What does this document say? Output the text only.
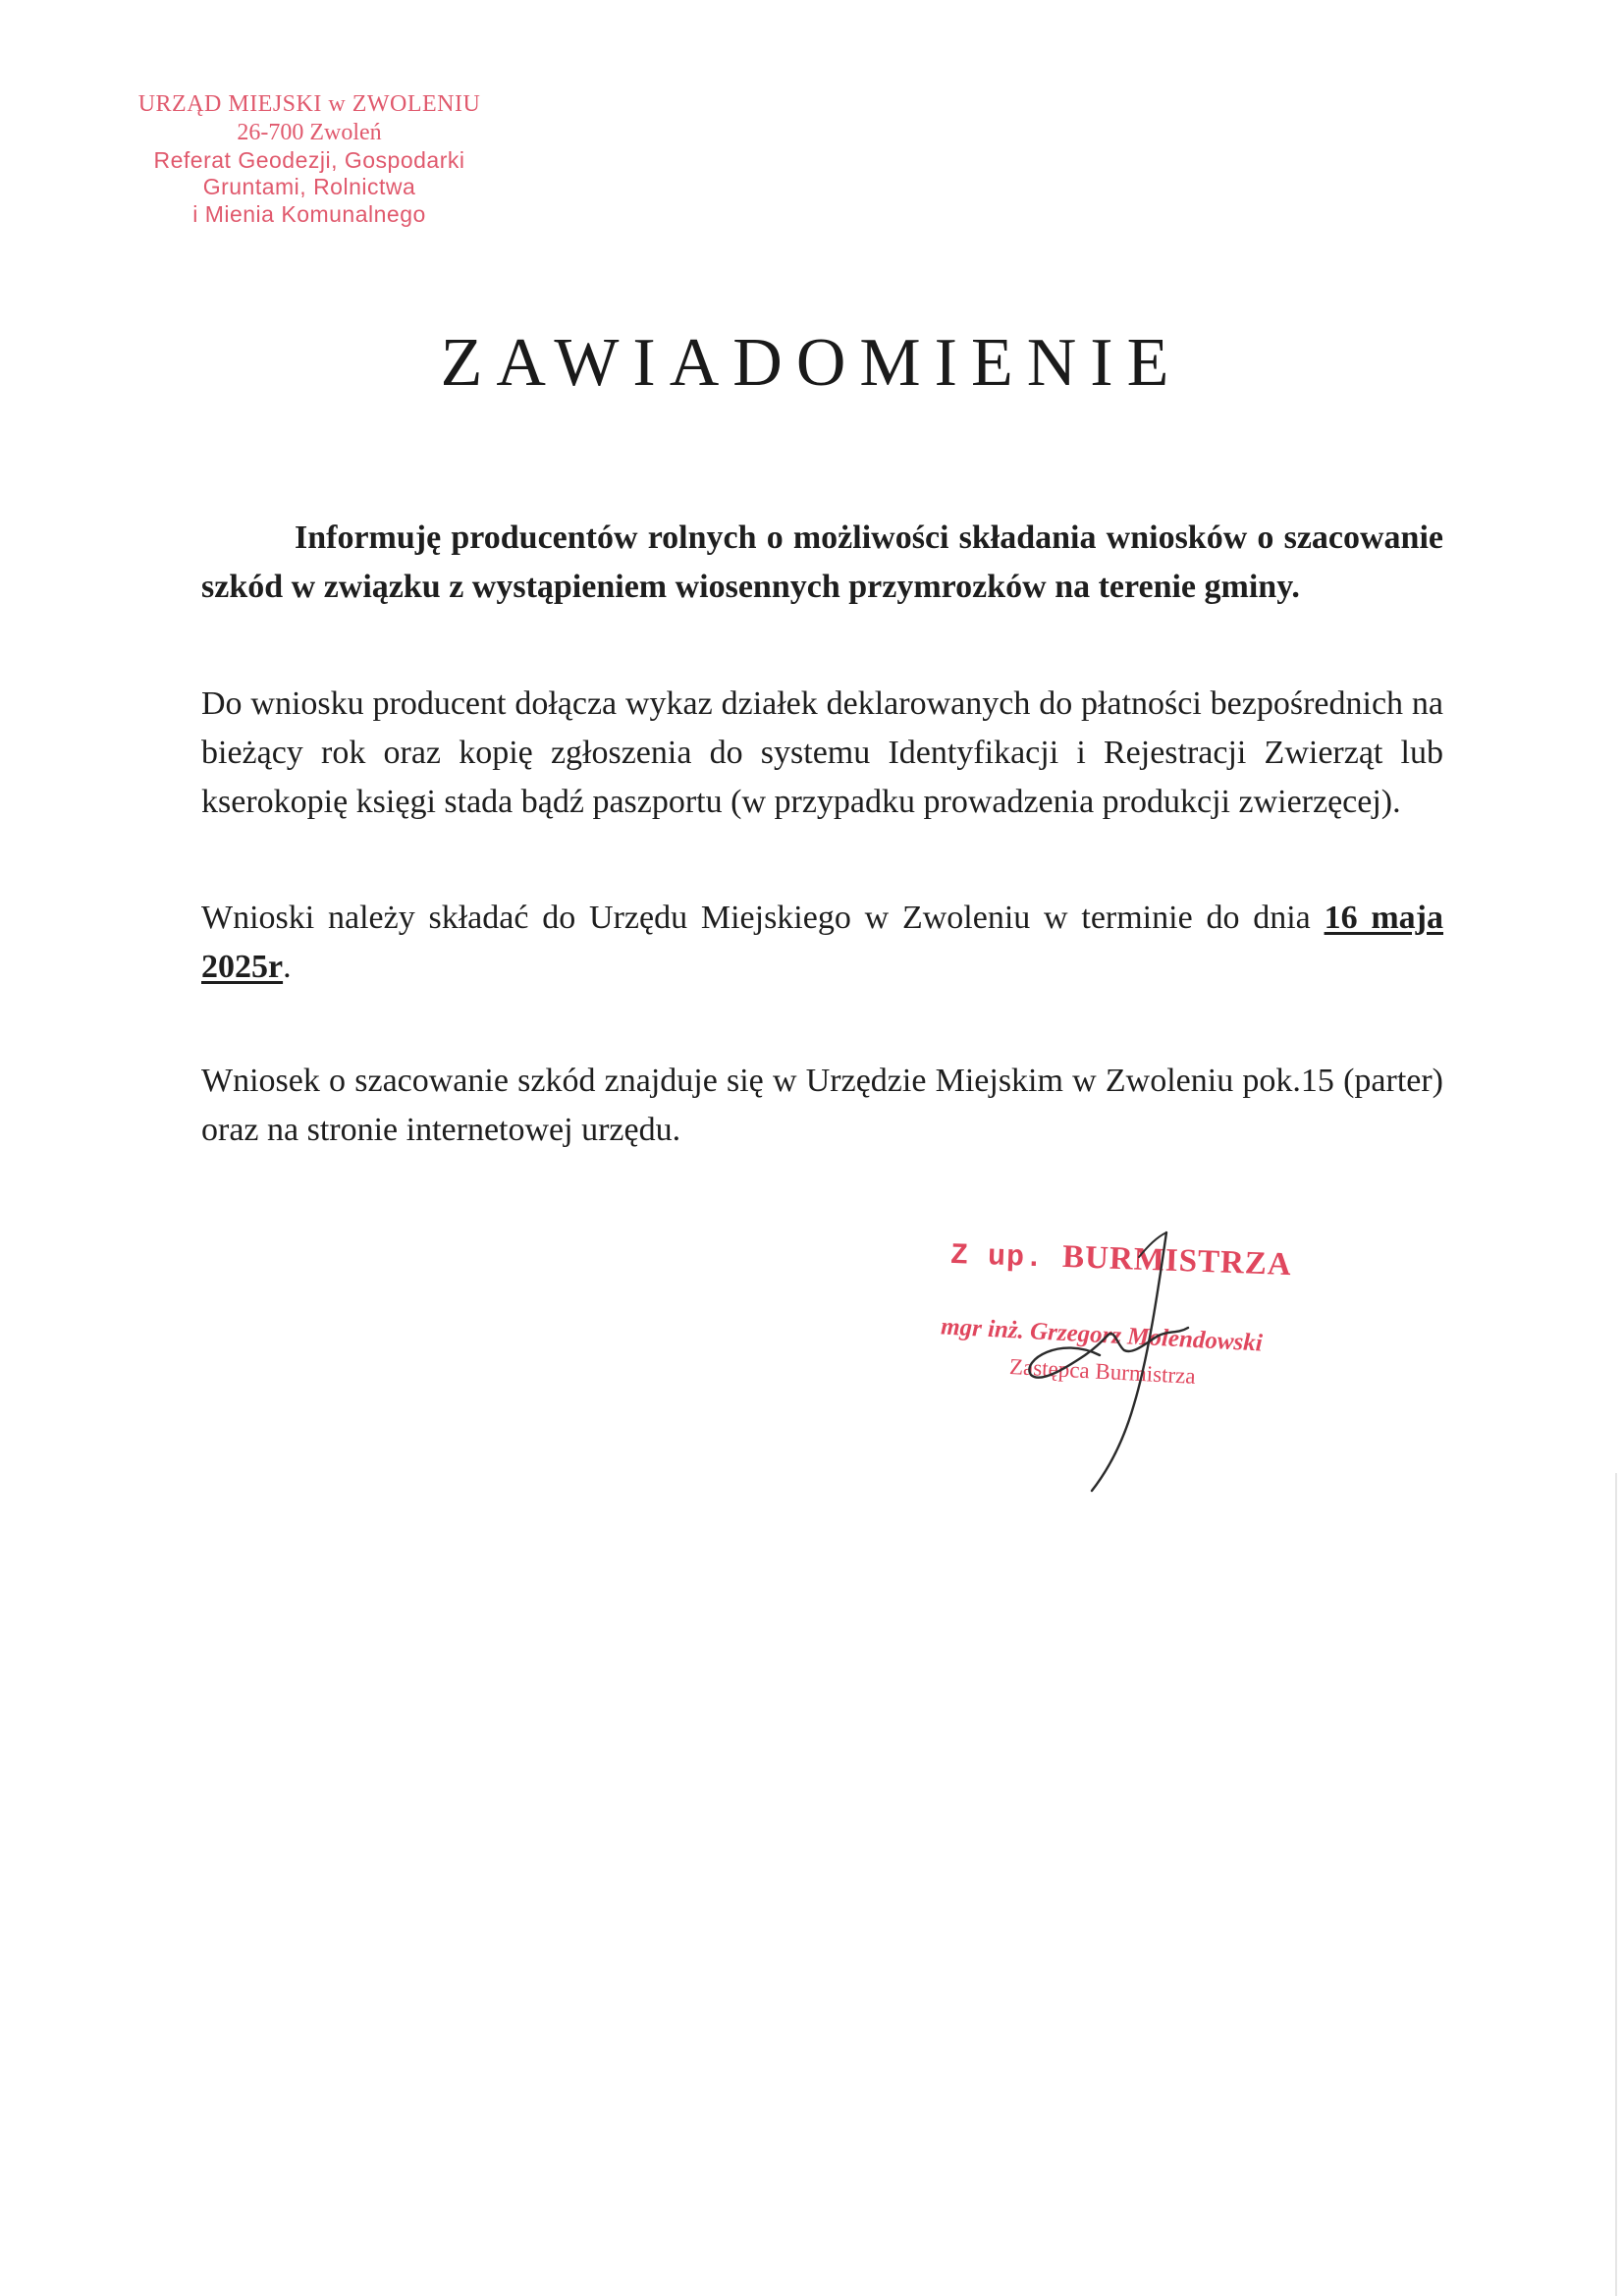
URZĄD MIEJSKI w ZWOLENIU
26-700 Zwoleń
Referat Geodezji, Gospodarki
Gruntami, Rolnictwa
i Mienia Komunalnego
ZAWIADOMIENIE

Informuję producentów rolnych o możliwości składania wniosków o szacowanie szkód w związku z wystąpieniem wiosennych przymrozków na terenie gminy.

Do wniosku producent dołącza wykaz działek deklarowanych do płatności bezpośrednich na bieżący rok oraz kopię zgłoszenia do systemu Identyfikacji i Rejestracji Zwierząt lub kserokopię księgi stada bądź paszportu (w przypadku prowadzenia produkcji zwierzęcej).

Wnioski należy składać do Urzędu Miejskiego w Zwoleniu w terminie do dnia 16 maja 2025r.

Wniosek o szacowanie szkód znajduje się w Urzędzie Miejskim w Zwoleniu pok.15 (parter) oraz na stronie internetowej urzędu.

Z up. BURMISTRZA
mgr inż. Grzegorz Molendowski
Zastępca Burmistrza
